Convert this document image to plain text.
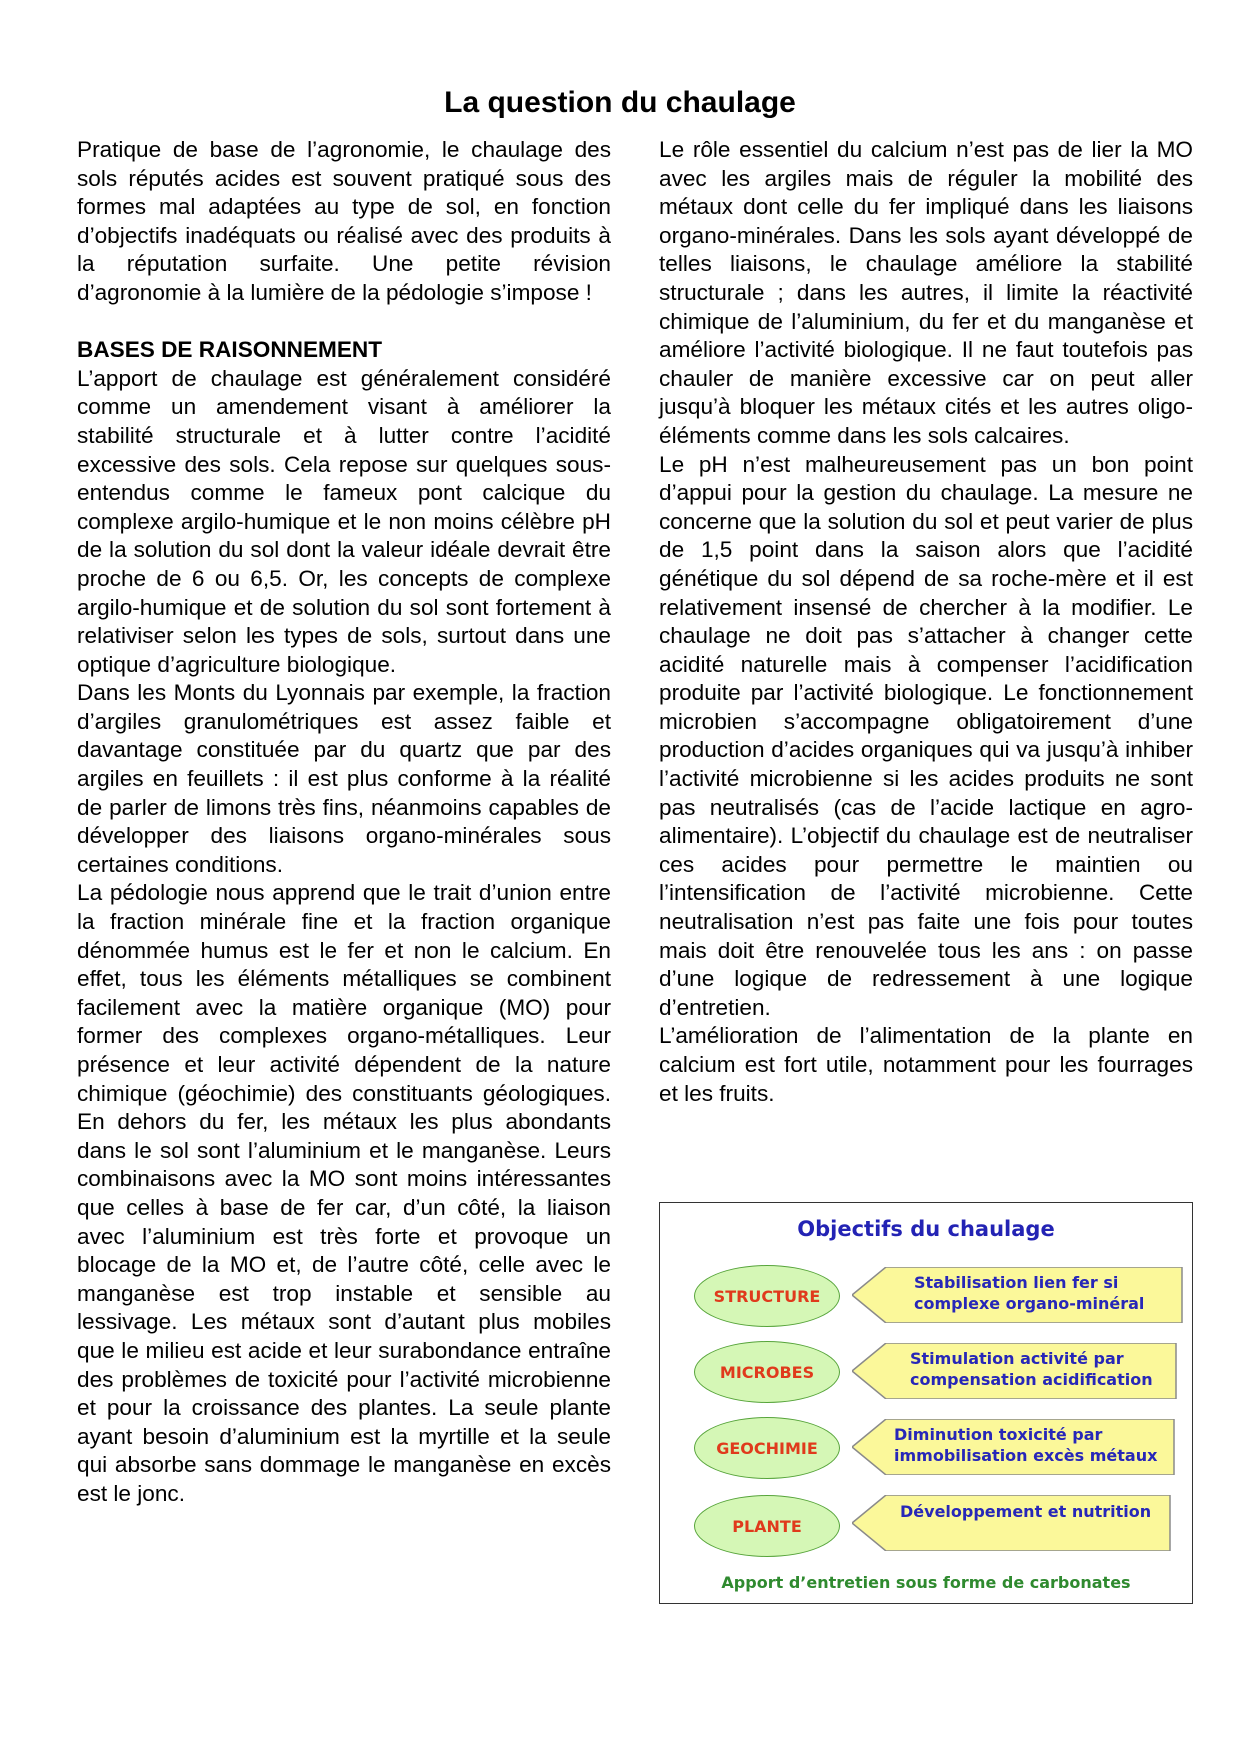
La question du chaulage

Pratique de base de l’agronomie, le chaulage des sols réputés acides est souvent pratiqué sous des formes mal adaptées au type de sol, en fonction d’objectifs inadéquats ou réalisé avec des produits à la réputation surfaite. Une petite révision d’agronomie à la lumière de la pédologie s’impose !

BASES DE RAISONNEMENT

L’apport de chaulage est généralement considéré comme un amendement visant à améliorer la stabilité structurale et à lutter contre l’acidité excessive des sols. Cela repose sur quelques sous-entendus comme le fameux pont calcique du complexe argilo-humique et le non moins célèbre pH de la solution du sol dont la valeur idéale devrait être proche de 6 ou 6,5. Or, les concepts de complexe argilo-humique et de solution du sol sont fortement à relativiser selon les types de sols, surtout dans une optique d’agriculture biologique.

Dans les Monts du Lyonnais par exemple, la fraction d’argiles granulométriques est assez faible et davantage constituée par du quartz que par des argiles en feuillets : il est plus conforme à la réalité de parler de limons très fins, néanmoins capables de développer des liaisons organo-minérales sous certaines conditions.

La pédologie nous apprend que le trait d’union entre la fraction minérale fine et la fraction organique dénommée humus est le fer et non le calcium. En effet, tous les éléments métalliques se combinent facilement avec la matière organique (MO) pour former des complexes organo-métalliques. Leur présence et leur activité dépendent de la nature chimique (géochimie) des constituants géologiques. En dehors du fer, les métaux les plus abondants dans le sol sont l’aluminium et le manganèse. Leurs combinaisons avec la MO sont moins intéressantes que celles à base de fer car, d’un côté, la liaison avec l’aluminium est très forte et provoque un blocage de la MO et, de l’autre côté, celle avec le manganèse est trop instable et sensible au lessivage. Les métaux sont d’autant plus mobiles que le milieu est acide et leur surabondance entraîne des problèmes de toxicité pour l’activité microbienne et pour la croissance des plantes. La seule plante ayant besoin d’aluminium est la myrtille et la seule qui absorbe sans dommage le manganèse en excès est le jonc.

Le rôle essentiel du calcium n’est pas de lier la MO avec les argiles mais de réguler la mobilité des métaux dont celle du fer impliqué dans les liaisons organo-minérales. Dans les sols ayant développé de telles liaisons, le chaulage améliore la stabilité structurale ; dans les autres, il limite la réactivité chimique de l’aluminium, du fer et du manganèse et améliore l’activité biologique. Il ne faut toutefois pas chauler de manière excessive car on peut aller jusqu’à bloquer les métaux cités et les autres oligo-éléments comme dans les sols calcaires.

Le pH n’est malheureusement pas un bon point d’appui pour la gestion du chaulage. La mesure ne concerne que la solution du sol et peut varier de plus de 1,5 point dans la saison alors que l’acidité génétique du sol dépend de sa roche-mère et il est relativement insensé de chercher à la modifier. Le chaulage ne doit pas s’attacher à changer cette acidité naturelle mais à compenser l’acidification produite par l’activité biologique. Le fonctionnement microbien s’accompagne obligatoirement d’une production d’acides organiques qui va jusqu’à inhiber l’activité microbienne si les acides produits ne sont pas neutralisés (cas de l’acide lactique en agro-alimentaire). L’objectif du chaulage est de neutraliser ces acides pour permettre le maintien ou l’intensification de l’activité microbienne. Cette neutralisation n’est pas faite une fois pour toutes mais doit être renouvelée tous les ans : on passe d’une logique de redressement à une logique d’entretien.

L’amélioration de l’alimentation de la plante en calcium est fort utile, notamment pour les fourrages et les fruits.

Objectifs du chaulage

STRUCTURE
Stabilisation lien fer si
complexe organo-minéral
MICROBES
Stimulation activité par
compensation acidification
GEOCHIMIE
Diminution toxicité par
immobilisation excès métaux
PLANTE
Développement et nutrition

Apport d’entretien sous forme de carbonates
